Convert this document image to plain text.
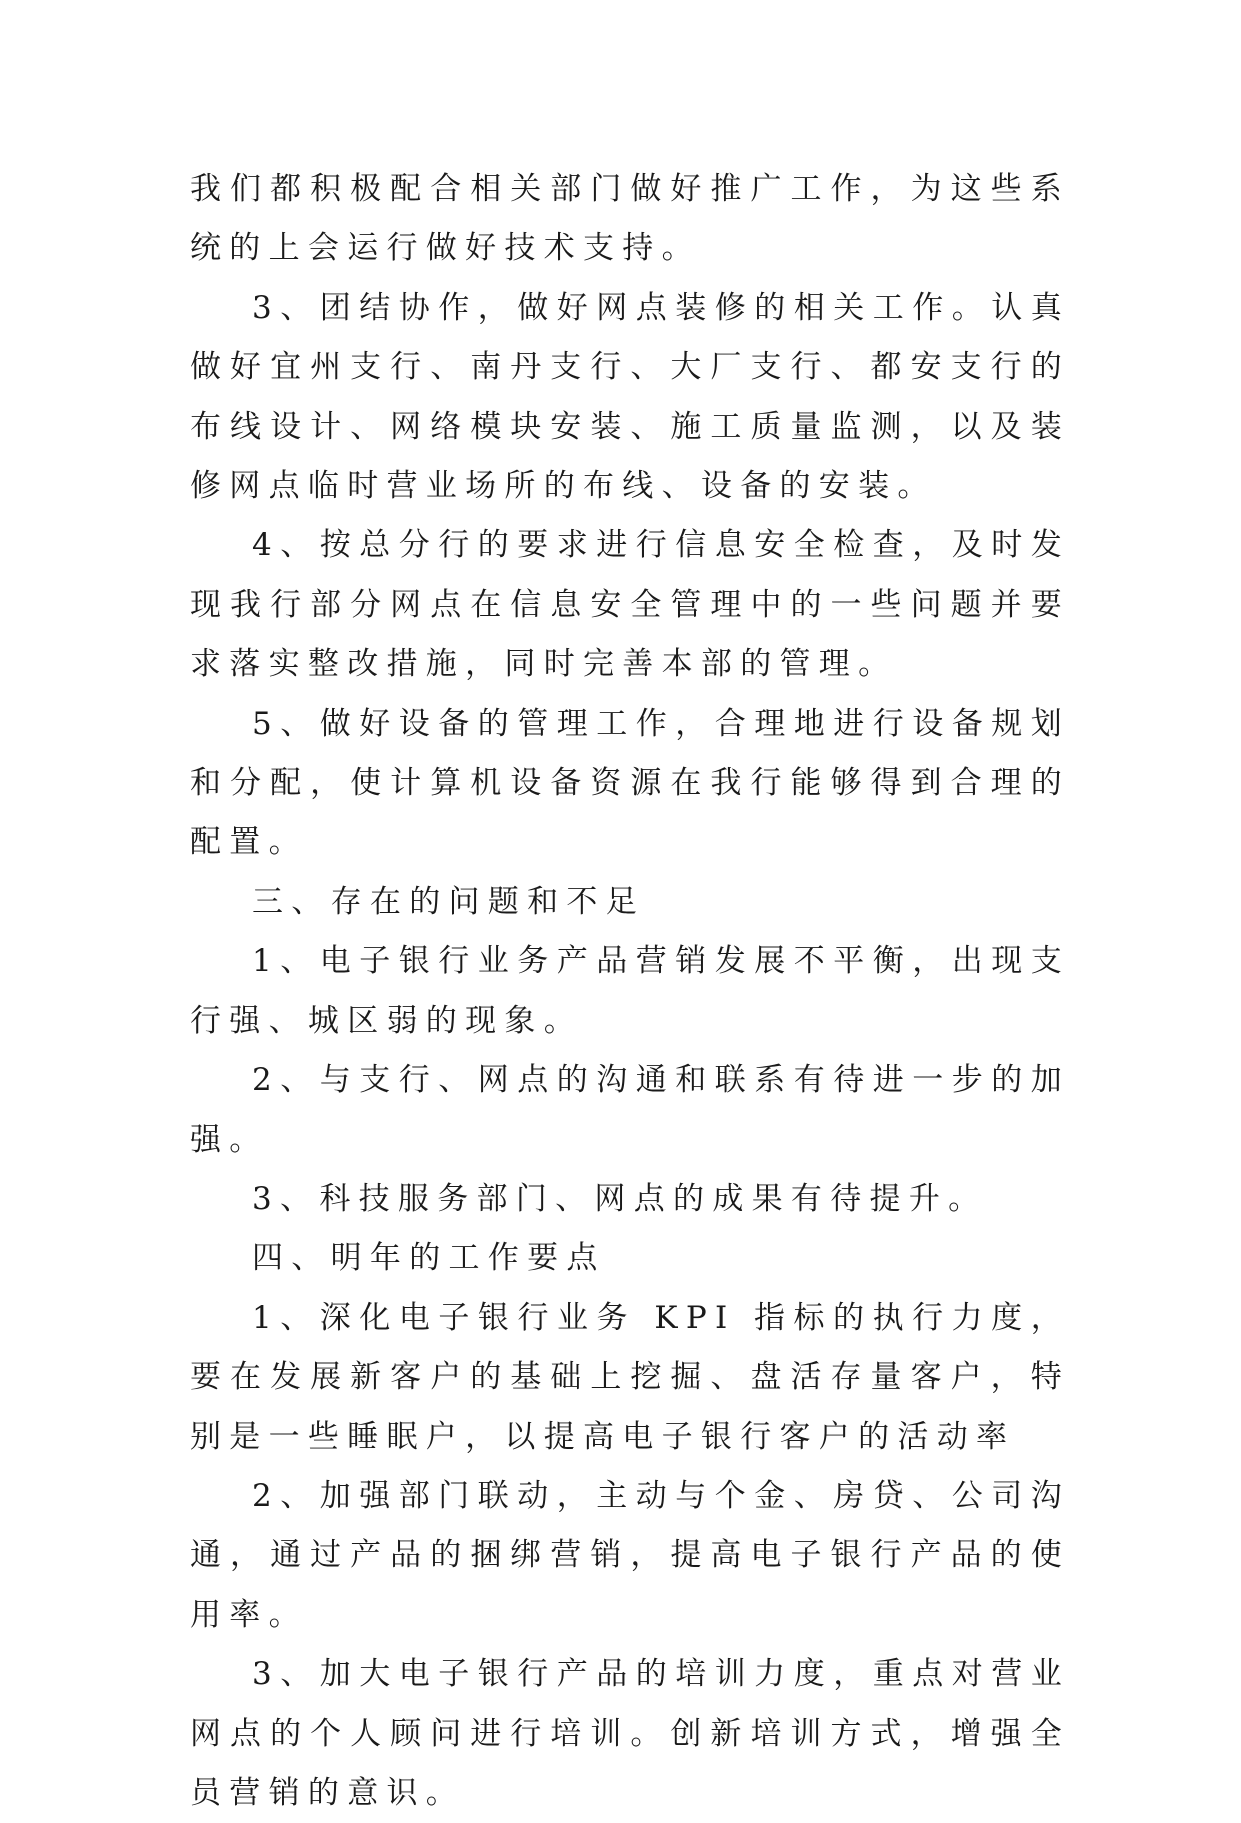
我们都积极配合相关部门做好推广工作，为这些系统的上会运行做好技术支持。

3、团结协作，做好网点装修的相关工作。认真做好宜州支行、南丹支行、大厂支行、都安支行的布线设计、网络模块安装、施工质量监测，以及装修网点临时营业场所的布线、设备的安装。

4、按总分行的要求进行信息安全检查，及时发现我行部分网点在信息安全管理中的一些问题并要求落实整改措施，同时完善本部的管理。

5、做好设备的管理工作，合理地进行设备规划和分配，使计算机设备资源在我行能够得到合理的配置。

三、存在的问题和不足

1、电子银行业务产品营销发展不平衡，出现支行强、城区弱的现象。

2、与支行、网点的沟通和联系有待进一步的加强。

3、科技服务部门、网点的成果有待提升。

四、明年的工作要点

1、深化电子银行业务 KPI 指标的执行力度，要在发展新客户的基础上挖掘、盘活存量客户，特别是一些睡眠户，以提高电子银行客户的活动率

2、加强部门联动，主动与个金、房贷、公司沟通，通过产品的捆绑营销，提高电子银行产品的使用率。

3、加大电子银行产品的培训力度，重点对营业网点的个人顾问进行培训。创新培训方式，增强全员营销的意识。
